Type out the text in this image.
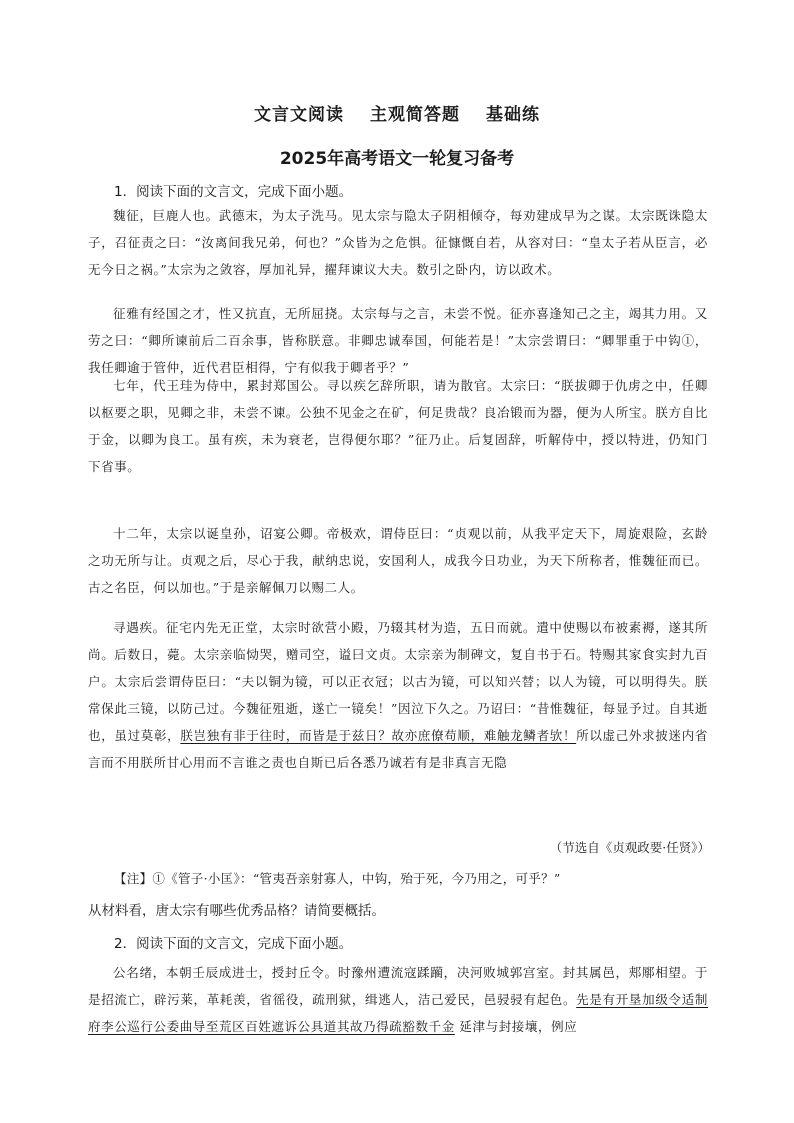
文言文阅读 主观简答题 基础练
2025年高考语文一轮复习备考
1．阅读下面的文言文，完成下面小题。
魏征，巨鹿人也。武德末，为太子洗马。见太宗与隐太子阴相倾夺，每劝建成早为之谋。太宗既诛隐太子，召征责之曰：“汝离间我兄弟，何也？”众皆为之危惧。征慷慨自若，从容对曰：“皇太子若从臣言，必无今日之祸。”太宗为之敛容，厚加礼异，擢拜谏议大夫。数引之卧内，访以政术。
征雅有经国之才，性又抗直，无所屈挠。太宗每与之言，未尝不悦。征亦喜逢知己之主，竭其力用。又劳之曰：“卿所谏前后二百余事，皆称朕意。非卿忠诚奉国，何能若是！”太宗尝谓曰：“卿罪重于中钩①，我任卿逾于管仲，近代君臣相得，宁有似我于卿者乎？”
七年，代王珪为侍中，累封郑国公。寻以疾乞辞所职，请为散官。太宗曰：“朕拔卿于仇虏之中，任卿以枢要之职，见卿之非，未尝不谏。公独不见金之在矿，何足贵哉？良冶锻而为器，便为人所宝。朕方自比于金，以卿为良工。虽有疾，未为衰老，岂得便尔耶？”征乃止。后复固辞，听解侍中，授以特进，仍知门下省事。
十二年，太宗以诞皇孙，诏宴公卿。帝极欢，谓侍臣曰：“贞观以前，从我平定天下，周旋艰险，玄龄之功无所与让。贞观之后，尽心于我，献纳忠说，安国利人，成我今日功业，为天下所称者，惟魏征而已。古之名臣，何以加也。”于是亲解佩刀以赐二人。
寻遇疾。征宅内先无正堂，太宗时欲营小殿，乃辍其材为造，五日而就。遣中使赐以布被素褥，遂其所尚。后数日，薨。太宗亲临恸哭，赠司空，谥曰文贞。太宗亲为制碑文，复自书于石。特赐其家食实封九百户。太宗后尝谓侍臣曰：“夫以铜为镜，可以正衣冠；以古为镜，可以知兴替；以人为镜，可以明得失。朕常保此三镜，以防己过。今魏征殂逝，遂亡一镜矣！”因泣下久之。乃诏曰：“昔惟魏征，每显予过。自其逝也，虽过莫彰，朕岂独有非于往时，而皆是于兹日？故亦庶僚苟顺，难触龙鳞者欤！所以虚己外求披迷内省言而不用朕所甘心用而不言谁之责也自斯已后各悉乃诚若有是非真言无隐
（节选自《贞观政要·任贤》）
【注】①《管子·小匡》：“管夷吾亲射寡人，中钩，殆于死，今乃用之，可乎？”
从材料看，唐太宗有哪些优秀品格？请简要概括。
2．阅读下面的文言文，完成下面小题。
公名绪，本朝壬辰成进士，授封丘令。时豫州遭流寇蹂躏，决河败城郭宫室。封其属邑，郏鄏相望。于是招流亡，辟污莱，革耗羡，省徭役，疏刑狱，缉逃人，洁己爱民，邑骎骎有起色。先是有开垦加级令适制府李公巡行公委曲导至荒区百姓遮诉公具道其故乃得疏豁数千金 延津与封接壤，例应
